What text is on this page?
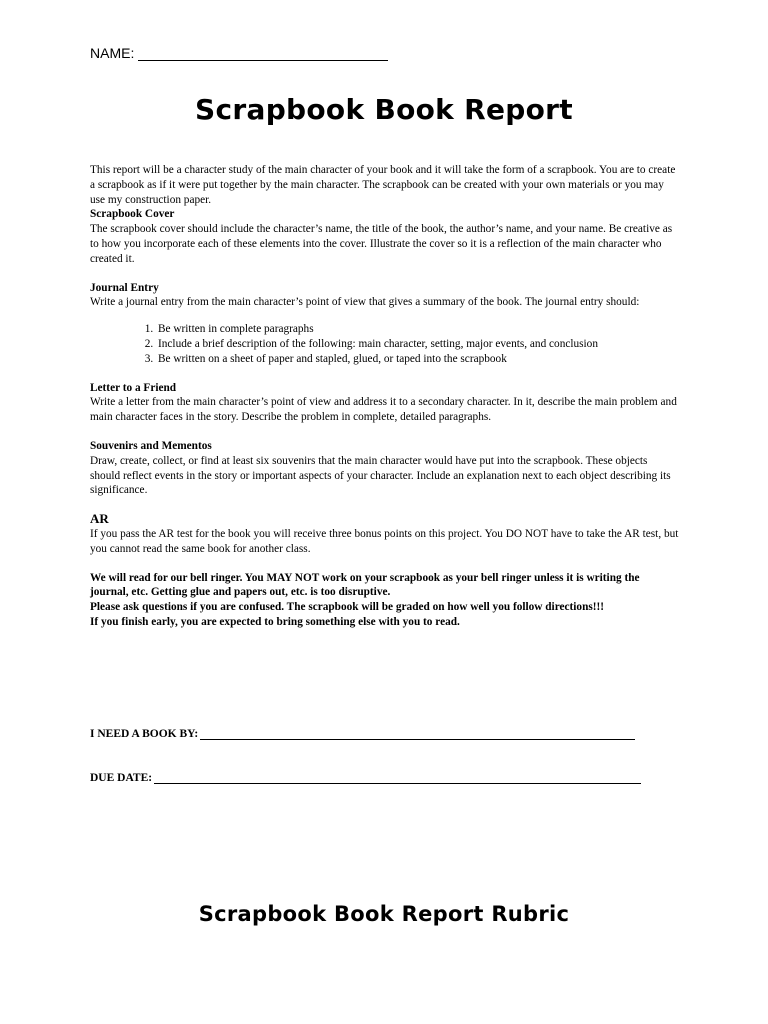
NAME:
Scrapbook Book Report

This report will be a character study of the main character of your book and it will take the form of a scrapbook. You are to create a scrapbook as if it were put together by the main character. The scrapbook can be created with your own materials or you may use my construction paper.

Scrapbook Cover

The scrapbook cover should include the character’s name, the title of the book, the author’s name, and your name. Be creative as to how you incorporate each of these elements into the cover. Illustrate the cover so it is a reflection of the main character who created it.

Journal Entry

Write a journal entry from the main character’s point of view that gives a summary of the book. The journal entry should:

1. Be written in complete paragraphs
2. Include a brief description of the following: main character, setting, major events, and conclusion
3. Be written on a sheet of paper and stapled, glued, or taped into the scrapbook

Letter to a Friend

Write a letter from the main character’s point of view and address it to a secondary character. In it, describe the main problem and main character faces in the story. Describe the problem in complete, detailed paragraphs.

Souvenirs and Mementos

Draw, create, collect, or find at least six souvenirs that the main character would have put into the scrapbook. These objects should reflect events in the story or important aspects of your character. Include an explanation next to each object describing its significance.

AR

If you pass the AR test for the book you will receive three bonus points on this project. You DO NOT have to take the AR test, but you cannot read the same book for another class.

We will read for our bell ringer. You MAY NOT work on your scrapbook as your bell ringer unless it is writing the journal, etc. Getting glue and papers out, etc. is too disruptive.

Please ask questions if you are confused. The scrapbook will be graded on how well you follow directions!!!

If you finish early, you are expected to bring something else with you to read.

I NEED A BOOK BY:
DUE DATE:
Scrapbook Book Report Rubric
